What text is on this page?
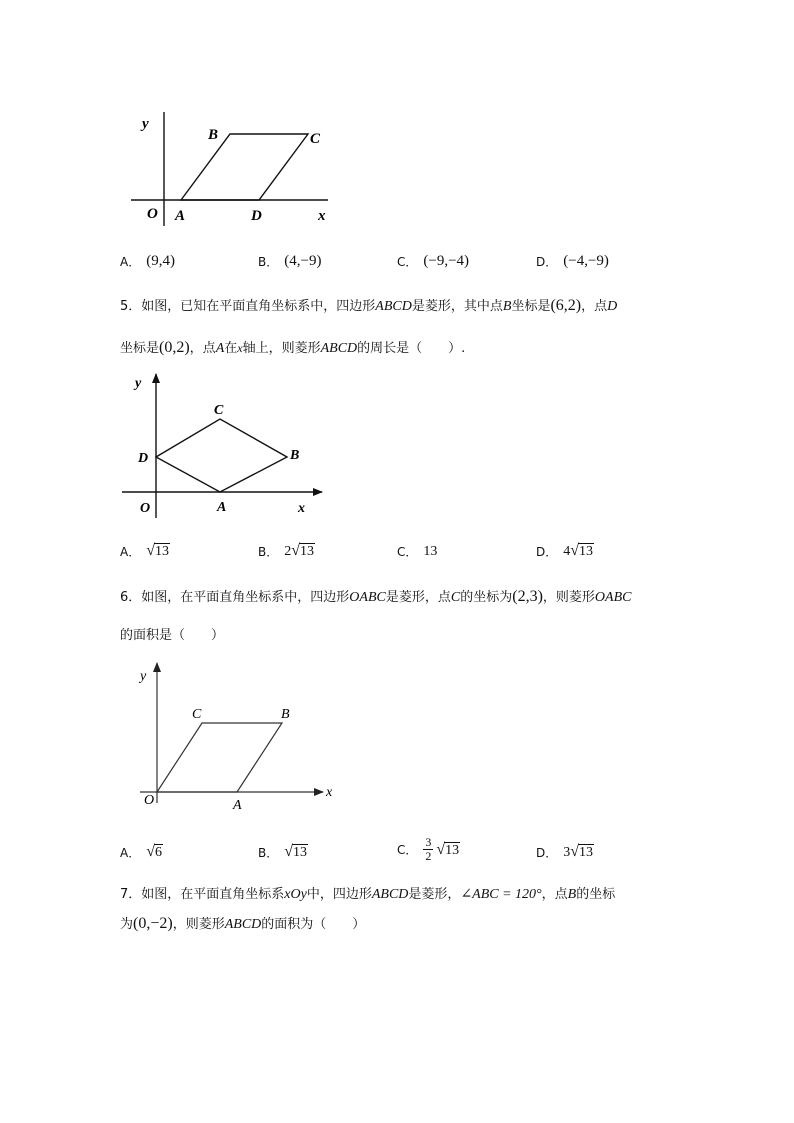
y
B	C
O A	D	x
A． (9,4)	B． (4,−9)	C． (−9,−4)	D． (−4,−9)
5．如图，已知在平面直角坐标系中，四边形ABCD是菱形，其中点B坐标是(6,2)，点D
坐标是(0,2)，点A在x轴上，则菱形ABCD的周长是（　　）.
y
C
D	B
O	A	x
A． √ 13	B． 2 √ 13	C． 13	D． 4 √ 13
6．如图，在平面直角坐标系中，四边形OABC是菱形，点C的坐标为(2,3)，则菱形OABC
的面积是（　　）
y
C	B
O	A
x
A． √ 6	B． √ 13	C． $\frac{3}{2}$ √ 13	D． 3 √ 13
7．如图，在平面直角坐标系xOy中，四边形ABCD是菱形，∠ABC = 120°，点B的坐标
为(0,−2)，则菱形ABCD的面积为（　　）
